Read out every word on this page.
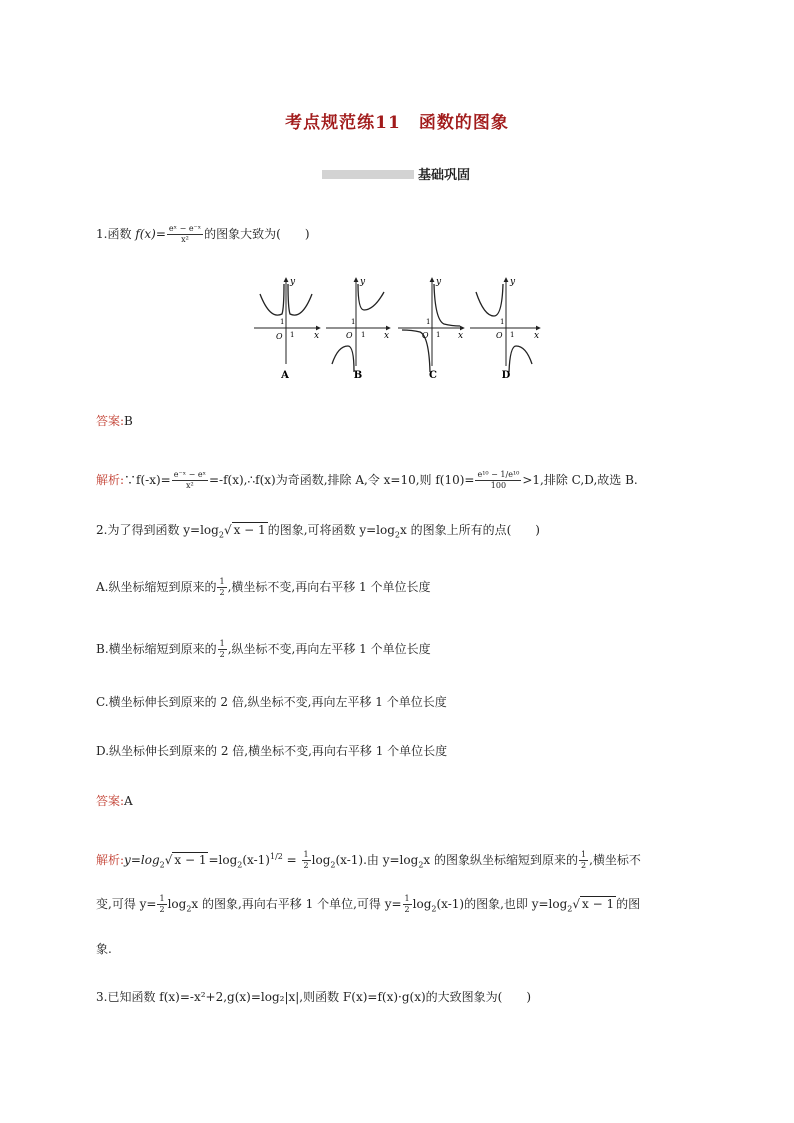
考点规范练11　函数的图象
基础巩固
1.函数 $f(x)= \frac{\text{eˣ − e⁻ˣ}}{\text{x²}}$ 的图象大致为(　　)
y
x
O
1
1
A
y
x
O
1
1
B
y
x
O
1
1
C
y
x
O
1
1
D
答案:B
解析:∵f(-x)= $\frac{\text{e⁻ˣ − eˣ}}{\text{x²}}$ =-f(x),∴f(x)为奇函数,排除 A,令 x=10,则 $f(10)= \frac{\text{e¹⁰ − 1/e¹⁰}}{100} >1$,排除 C,D,故选 B.
2.为了得到函数 $y=\log_2√$ x − 1 的图象,可将函数 $y=\log_2x$ 的图象上所有的点(　　)
A.纵坐标缩短到原来的 $\frac{1}{2}$ ,横坐标不变,再向右平移 1 个单位长度
B.横坐标缩短到原来的 $\frac{1}{2}$ ,纵坐标不变,再向左平移 1 个单位长度
C.横坐标伸长到原来的 2 倍,纵坐标不变,再向左平移 1 个单位长度
D.纵坐标伸长到原来的 2 倍,横坐标不变,再向右平移 1 个单位长度
答案:A
解析$:y=\log_2√$ $x - 1 =\log_2(x-1)^{1/2} = \frac{1}{2} \log_2(x-1)$.由 $y=\log_2x$ 的图象纵坐标缩短到原来的 $\frac{1}{2}$ ,横坐标不
变,可得 $y= \frac{1}{2} \log_2x$ 的图象,再向右平移 1 个单位,可得 $y= \frac{1}{2} \log_2(x-1)$的图象,也即 $y=\log_2√$ x − 1 的图
象.
3.已知函数 f(x)=-x²+2,g(x)=log₂|x|,则函数 F(x)=f(x)·g(x)的大致图象为(　　)
